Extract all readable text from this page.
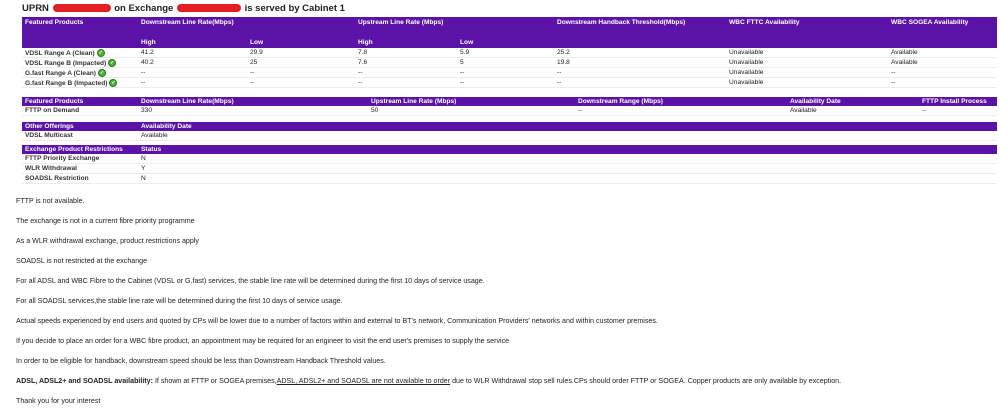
UPRN	on Exchange	is served by Cabinet 1
Featured Products	Downstream Line Rate(Mbps)		Upstream Line Rate (Mbps)		Downstream Handback Threshold(Mbps)	WBC FTTC Availability	WBC SOGEA Availability
	High	Low	High	Low			
VDSL Range A (Clean) ✓	41.2	29.9	7.8	5.9	25.2	Unavailable	Available
VDSL Range B (Impacted) ✓	40.2	25	7.6	5	19.8	Unavailable	Available
G.fast Range A (Clean) ✓	--	--	--	--	--	Unavailable	--
G.fast Range B (Impacted) ✓	--	--	--	--	--	Unavailable	--
Featured Products	Downstream Line Rate(Mbps)	Upstream Line Rate (Mbps)	Downstream Range (Mbps)	Availability Date	FTTP Install Process
FTTP on Demand	330	50	--	Available	--
Other Offerings	Availability Date
VDSL Multicast	Available
Exchange Product Restrictions	Status
FTTP Priority Exchange	N
WLR Withdrawal	Y
SOADSL Restriction	N

FTTP is not available.

The exchange is not in a current fibre priority programme

As a WLR withdrawal exchange, product restrictions apply

SOADSL is not restricted at the exchange

For all ADSL and WBC Fibre to the Cabinet (VDSL or G.fast) services, the stable line rate will be determined during the first 10 days of service usage.

For all SOADSL services,the stable line rate will be determined during the first 10 days of service usage.

Actual speeds experienced by end users and quoted by CPs will be lower due to a number of factors within and external to BT's network, Communication Providers' networks and within customer premises.

If you decide to place an order for a WBC fibre product, an appointment may be required for an engineer to visit the end user's premises to supply the service

In order to be eligible for handback, downstream speed should be less than Downstream Handback Threshold values.

ADSL, ADSL2+ and SOADSL availability: If shown at FTTP or SOGEA premises,ADSL, ADSL2+ and SOADSL are not available to order due to WLR Withdrawal stop sell rules.CPs should order FTTP or SOGEA. Copper products are only available by exception.

Thank you for your interest
